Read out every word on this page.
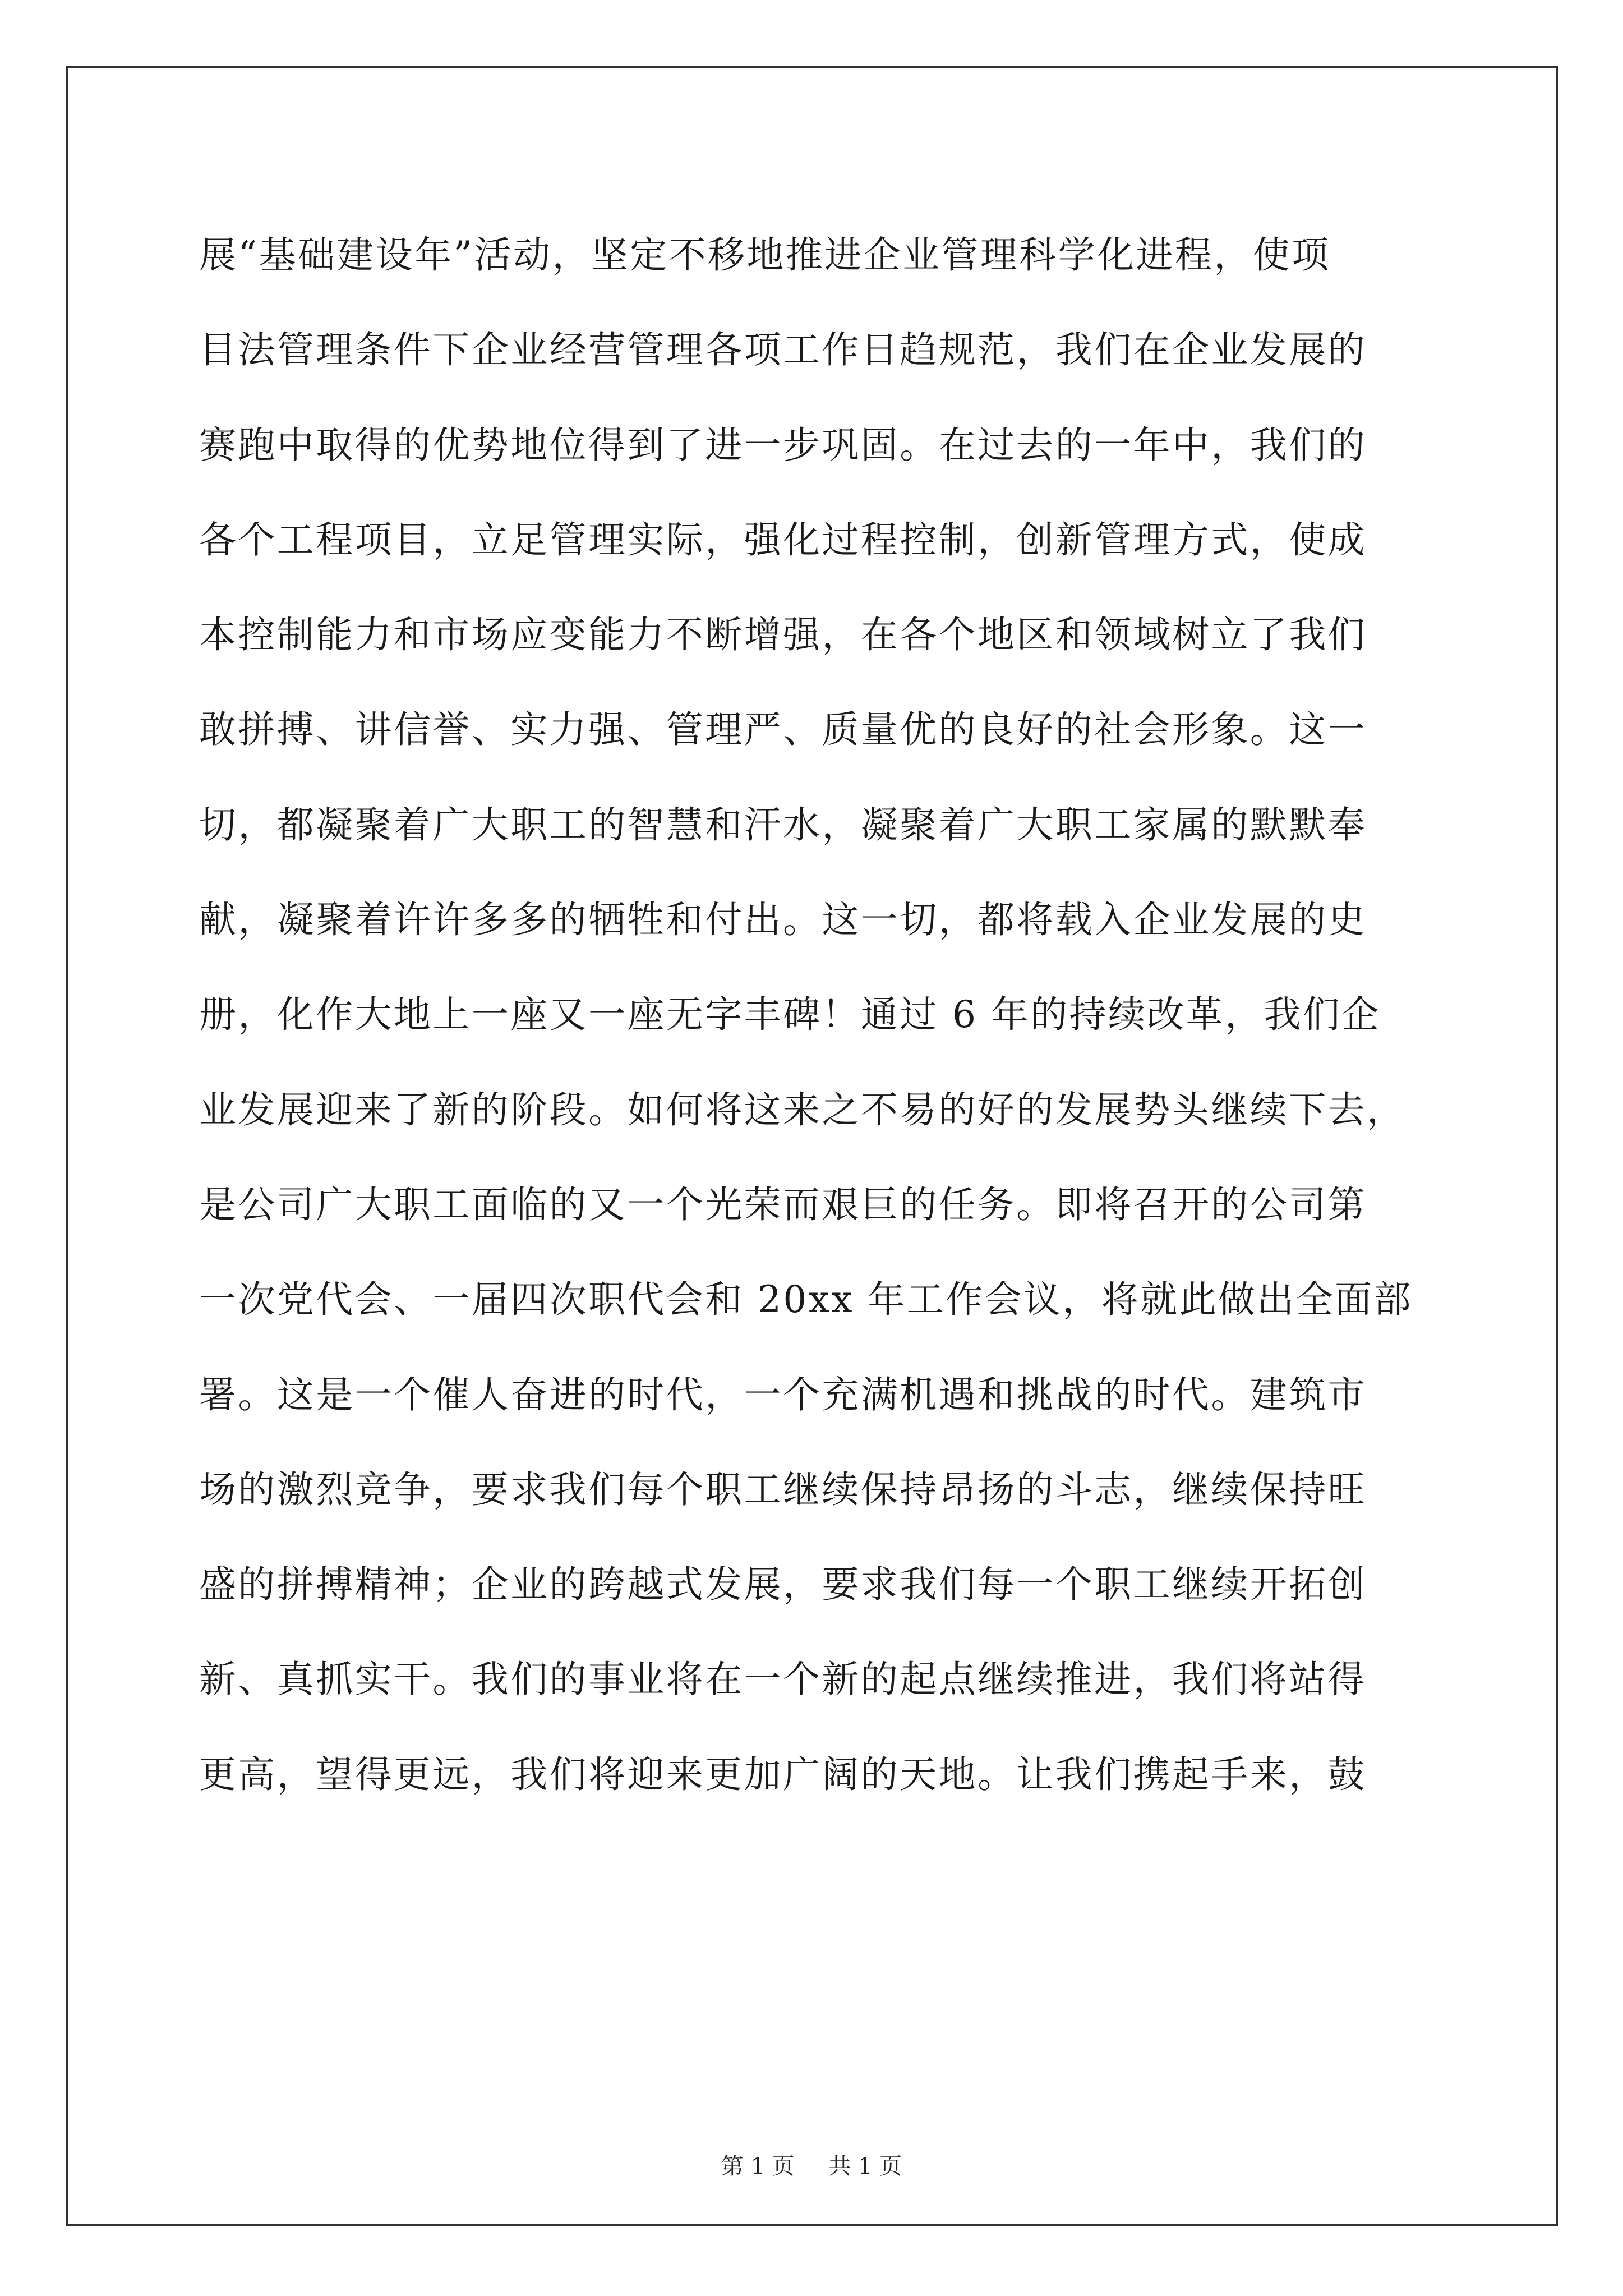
展“基础建设年”活动，坚定不移地推进企业管理科学化进程，使项
目法管理条件下企业经营管理各项工作日趋规范，我们在企业发展的
赛跑中取得的优势地位得到了进一步巩固。在过去的一年中，我们的
各个工程项目，立足管理实际，强化过程控制，创新管理方式，使成
本控制能力和市场应变能力不断增强，在各个地区和领域树立了我们
敢拼搏、讲信誉、实力强、管理严、质量优的良好的社会形象。这一
切，都凝聚着广大职工的智慧和汗水，凝聚着广大职工家属的默默奉
献，凝聚着许许多多的牺牲和付出。这一切，都将载入企业发展的史
册，化作大地上一座又一座无字丰碑！通过 6 年的持续改革，我们企
业发展迎来了新的阶段。如何将这来之不易的好的发展势头继续下去，
是公司广大职工面临的又一个光荣而艰巨的任务。即将召开的公司第
一次党代会、一届四次职代会和 20xx 年工作会议，将就此做出全面部
署。这是一个催人奋进的时代，一个充满机遇和挑战的时代。建筑市
场的激烈竞争，要求我们每个职工继续保持昂扬的斗志，继续保持旺
盛的拼搏精神；企业的跨越式发展，要求我们每一个职工继续开拓创
新、真抓实干。我们的事业将在一个新的起点继续推进，我们将站得
更高，望得更远，我们将迎来更加广阔的天地。让我们携起手来，鼓
第 1 页 共 1 页
